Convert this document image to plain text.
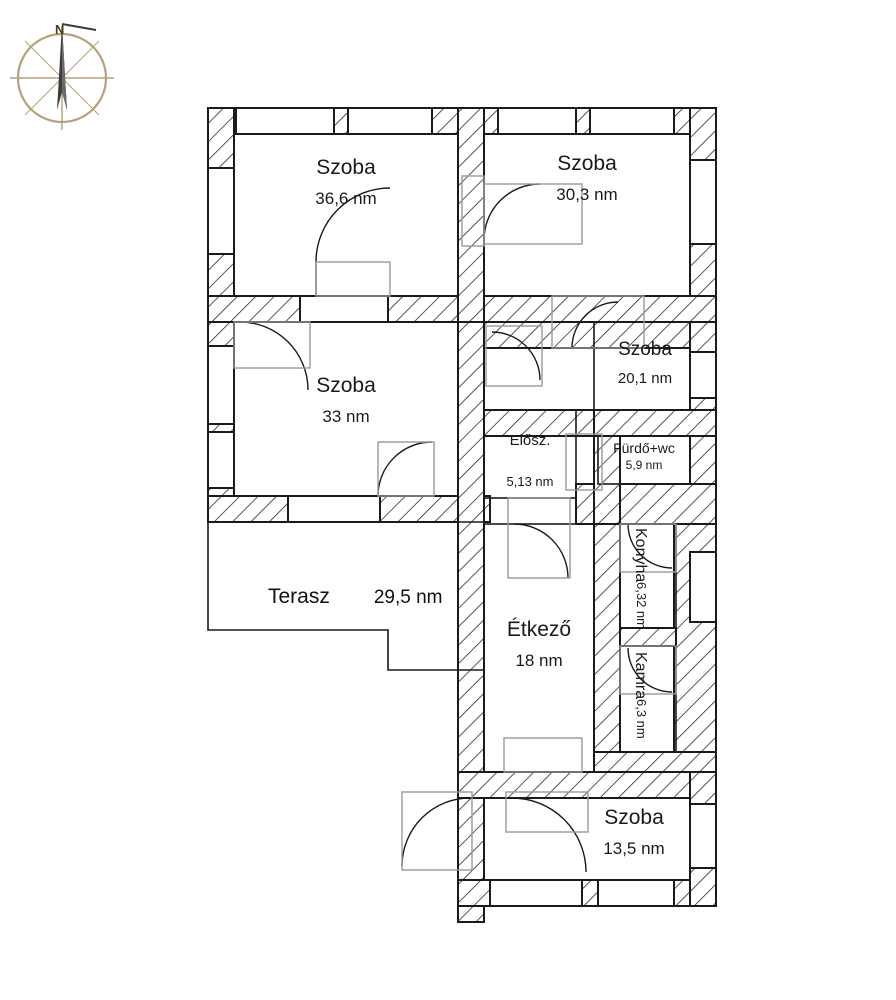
Szoba
36,6 nm
Szoba
30,3 nm
Szoba
33 nm
Szoba
20,1 nm
Elősz.
5,13 nm
Fürdő+wc
5,9 nm
Konyha
6,32 nm
Kamra
6,3 nm
Étkező
18 nm
Terasz 29,5 nm
Szoba
13,5 nm
N
